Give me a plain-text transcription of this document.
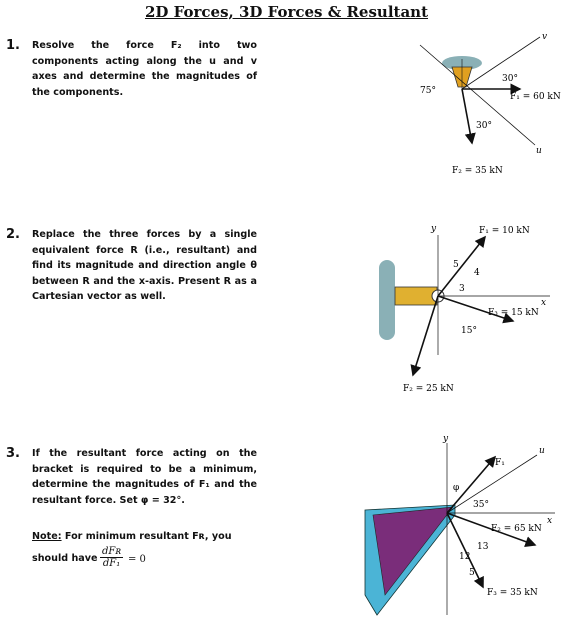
2D Forces, 3D Forces & Resultant
1. Resolve the force F₂ into two components acting along the u and v axes and determine the magnitudes of the components.	75°
30°
30°
v
u
F₁ = 60 kN
F₂ = 35 kN
2. Replace the three forces by a single equivalent force R (i.e., resultant) and find its magnitude and direction angle θ between R and the x-axis. Present R as a Cartesian vector as well.
y
x
F₁ = 10 kN
F₃ = 15 kN
F₂ = 25 kN
15°
5
4
3
3. If the resultant force acting on the bracket is required to be a minimum, determine the magnitudes of F₁ and the resultant force. Set φ = 32°.
Note: For minimum resultant Fʀ, you
should have
dFʀ
dF₁ = 0
y
x
u
F₁
φ
35°
F₂ = 65 kN
12
13
5
F₃ = 35 kN
